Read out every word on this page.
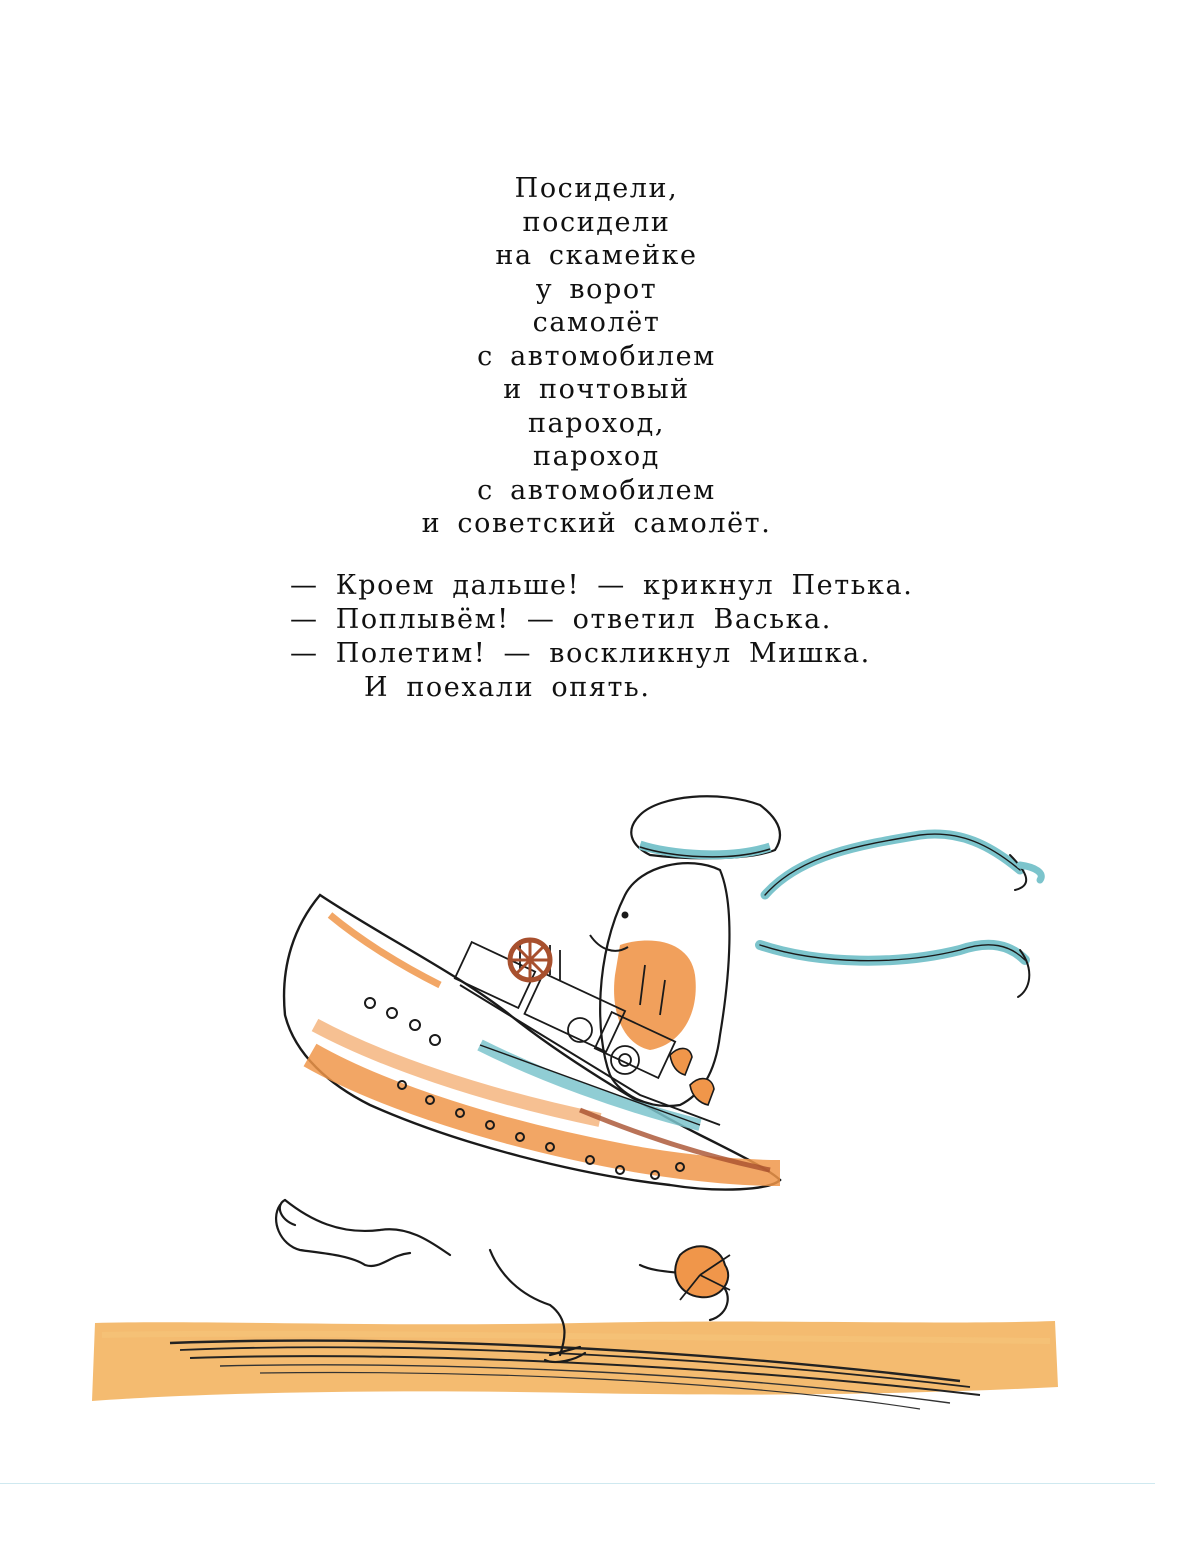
Посидели,
посидели
на скамейке
у ворот
самолёт
с автомобилем
и почтовый
пароход,
пароход
с автомобилем
и советский самолёт.
— Кроем дальше! — крикнул Петька.
— Поплывём! — ответил Васька.
— Полетим! — воскликнул Мишка.
И поехали опять.
